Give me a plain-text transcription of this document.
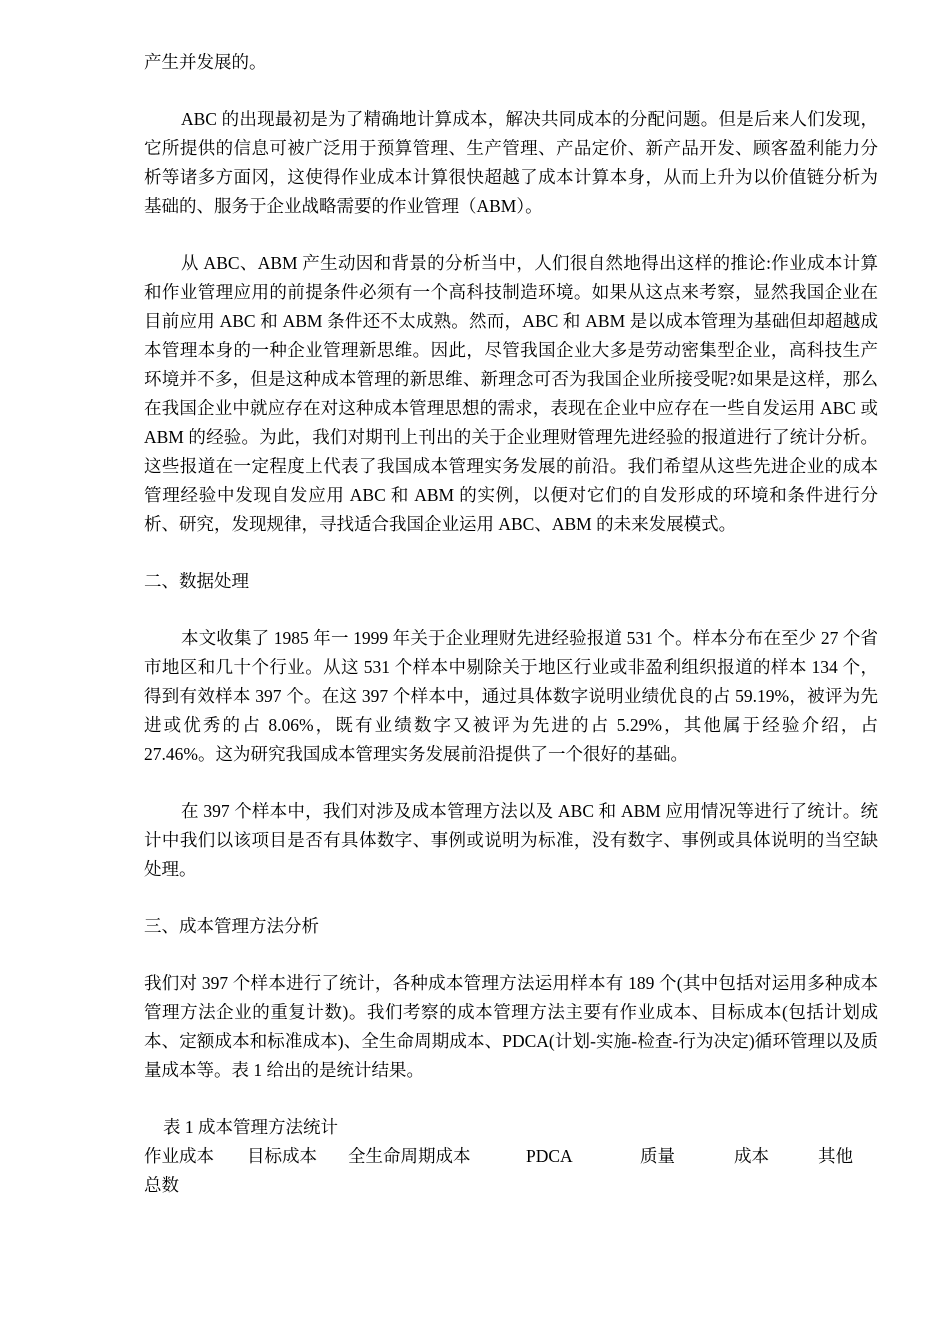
产生并发展的。

ABC 的出现最初是为了精确地计算成本，解决共同成本的分配问题。但是后来人们发现，它所提供的信息可被广泛用于预算管理、生产管理、产品定价、新产品开发、顾客盈利能力分析等诸多方面冈，这使得作业成本计算很快超越了成本计算本身，从而上升为以价值链分析为基础的、服务于企业战略需要的作业管理（ABM）。

从 ABC、ABM 产生动因和背景的分析当中，人们很自然地得出这样的推论:作业成本计算和作业管理应用的前提条件必须有一个高科技制造环境。如果从这点来考察，显然我国企业在目前应用 ABC 和 ABM 条件还不太成熟。然而，ABC 和 ABM 是以成本管理为基础但却超越成本管理本身的一种企业管理新思维。因此，尽管我国企业大多是劳动密集型企业，高科技生产环境并不多，但是这种成本管理的新思维、新理念可否为我国企业所接受呢?如果是这样，那么在我国企业中就应存在对这种成本管理思想的需求，表现在企业中应存在一些自发运用 ABC 或 ABM 的经验。为此，我们对期刊上刊出的关于企业理财管理先进经验的报道进行了统计分析。这些报道在一定程度上代表了我国成本管理实务发展的前沿。我们希望从这些先进企业的成本管理经验中发现自发应用 ABC 和 ABM 的实例，以便对它们的自发形成的环境和条件进行分析、研究，发现规律，寻找适合我国企业运用 ABC、ABM 的未来发展模式。

二、数据处理

本文收集了 1985 年一 1999 年关于企业理财先进经验报道 531 个。样本分布在至少 27 个省市地区和几十个行业。从这 531 个样本中剔除关于地区行业或非盈利组织报道的样本 134 个，得到有效样本 397 个。在这 397 个样本中，通过具体数字说明业绩优良的占 59.19%，被评为先进或优秀的占 8.06%，既有业绩数字又被评为先进的占 5.29%，其他属于经验介绍，占 27.46%。这为研究我国成本管理实务发展前沿提供了一个很好的基础。

在 397 个样本中，我们对涉及成本管理方法以及 ABC 和 ABM 应用情况等进行了统计。统计中我们以该项目是否有具体数字、事例或说明为标准，没有数字、事例或具体说明的当空缺处理。

三、成本管理方法分析

我们对 397 个样本进行了统计，各种成本管理方法运用样本有 189 个(其中包括对运用多种成本管理方法企业的重复计数)。我们考察的成本管理方法主要有作业成本、目标成本(包括计划成本、定额成本和标准成本)、全生命周期成本、PDCA(计划-实施-检查-行为决定)循环管理以及质量成本等。表 1 给出的是统计结果。

表 1 成本管理方法统计

作业成本 目标成本 全生命周期成本	PDCA	质量	成本	其他
总数
